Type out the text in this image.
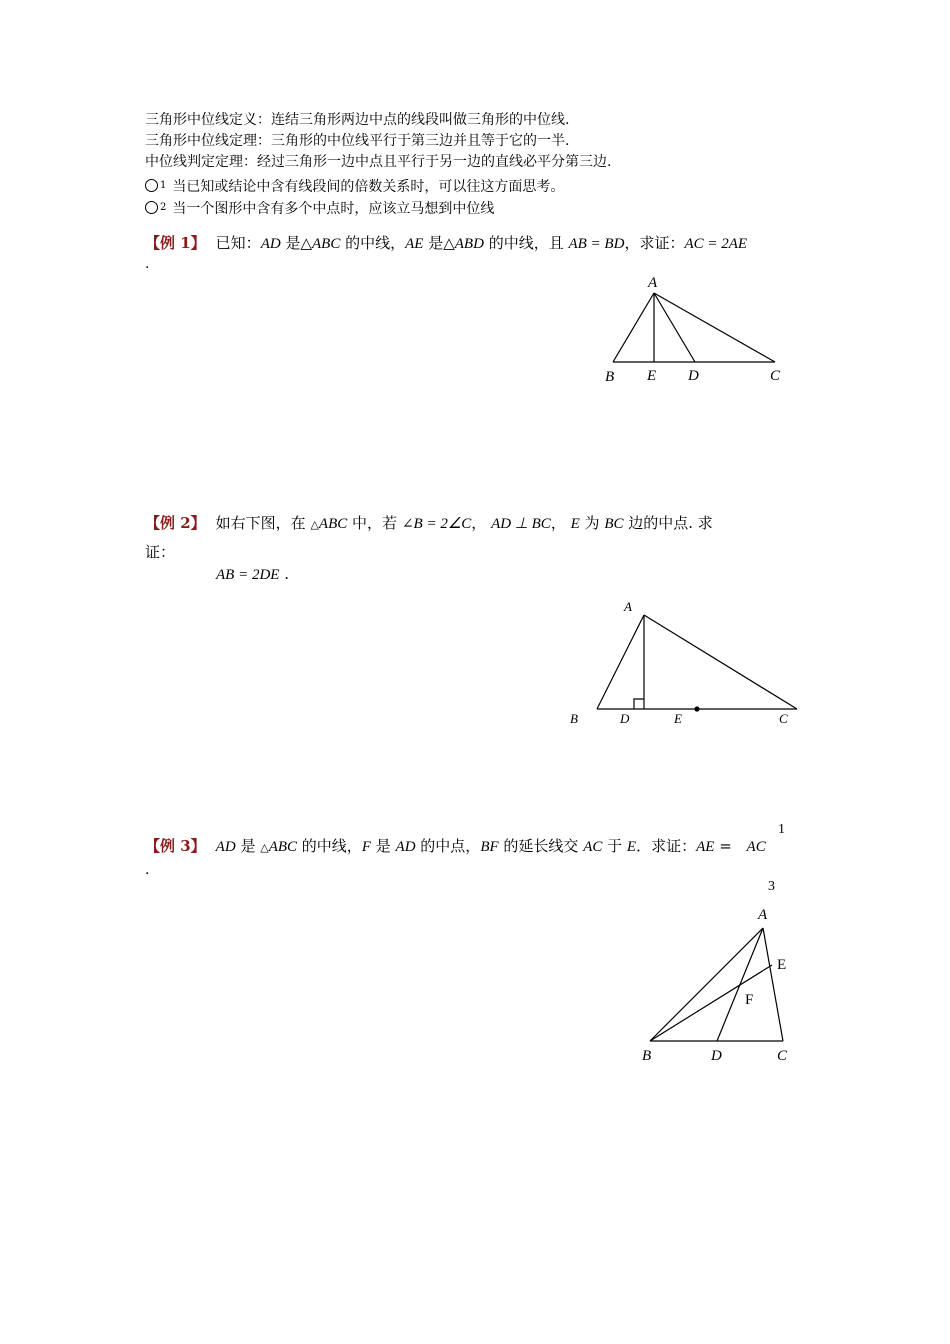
三角形中位线定义：连结三角形两边中点的线段叫做三角形的中位线.
三角形中位线定理：三角形的中位线平行于第三边并且等于它的一半.
中位线判定定理：经过三角形一边中点且平行于另一边的直线必平分第三边.
$^1$ 当已知或结论中含有线段间的倍数关系时，可以往这方面思考。
$^2$ 当一个图形中含有多个中点时，应该立马想到中位线
【例 1】 已知：AD 是△ABC 的中线，AE 是△ABD 的中线，且 AB = BD，求证：AC = 2AE
.
A
B E D	C
【例 2】 如右下图，在 △ABC 中，若 ∠B = 2∠C， AD ⊥ BC， E 为 BC 边的中点. 求
证：
AB = 2DE .
A
B	D	E	C
【例 3】 AD 是 △ABC 的中线，F 是 AD 的中点，BF 的延长线交 AC 于 E．求证：AE = AC
1
3
.
A
E
F
B	D	C
